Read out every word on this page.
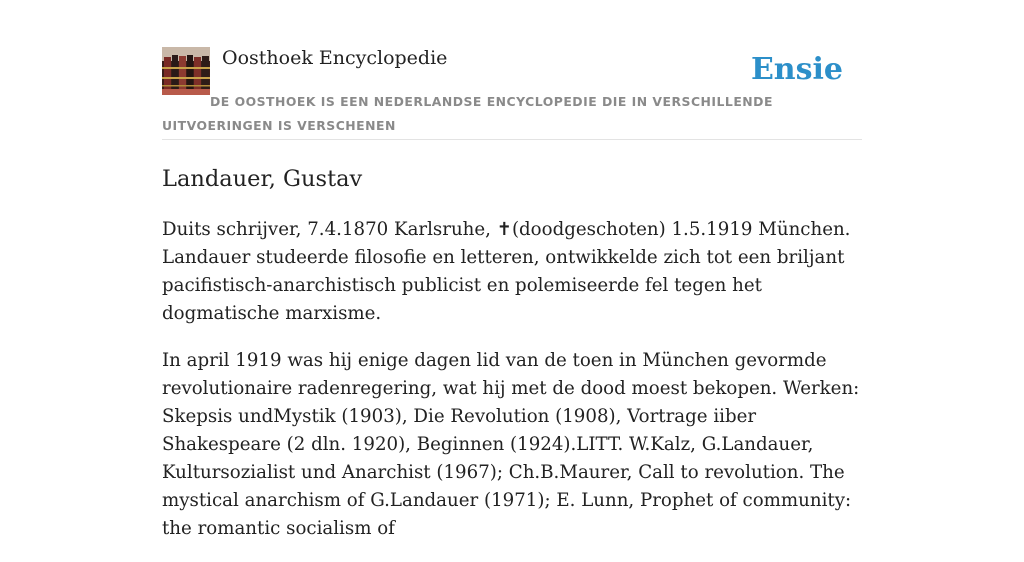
Oosthoek Encyclopedie	Ensie

DE OOSTHOEK IS EEN NEDERLANDSE ENCYCLOPEDIE DIE IN VERSCHILLENDE UITVOERINGEN IS VERSCHENEN

Landauer, Gustav

Duits schrijver, 7.4.1870 Karlsruhe, ✝(doodgeschoten) 1.5.1919 München. Landauer studeerde filosofie en letteren, ontwikkelde zich tot een briljant pacifistisch-anarchistisch publicist en polemiseerde fel tegen het dogmatische marxisme.

In april 1919 was hij enige dagen lid van de toen in München gevormde revolutionaire radenregering, wat hij met de dood moest bekopen. Werken: Skepsis undMystik (1903), Die Revolution (1908), Vortrage iiber Shakespeare (2 dln. 1920), Beginnen (1924).LITT. W.Kalz, G.Landauer, Kultursozialist und Anarchist (1967); Ch.B.Maurer, Call to revolution. The mystical anarchism of G.Landauer (1971); E. Lunn, Prophet of community: the romantic socialism of
